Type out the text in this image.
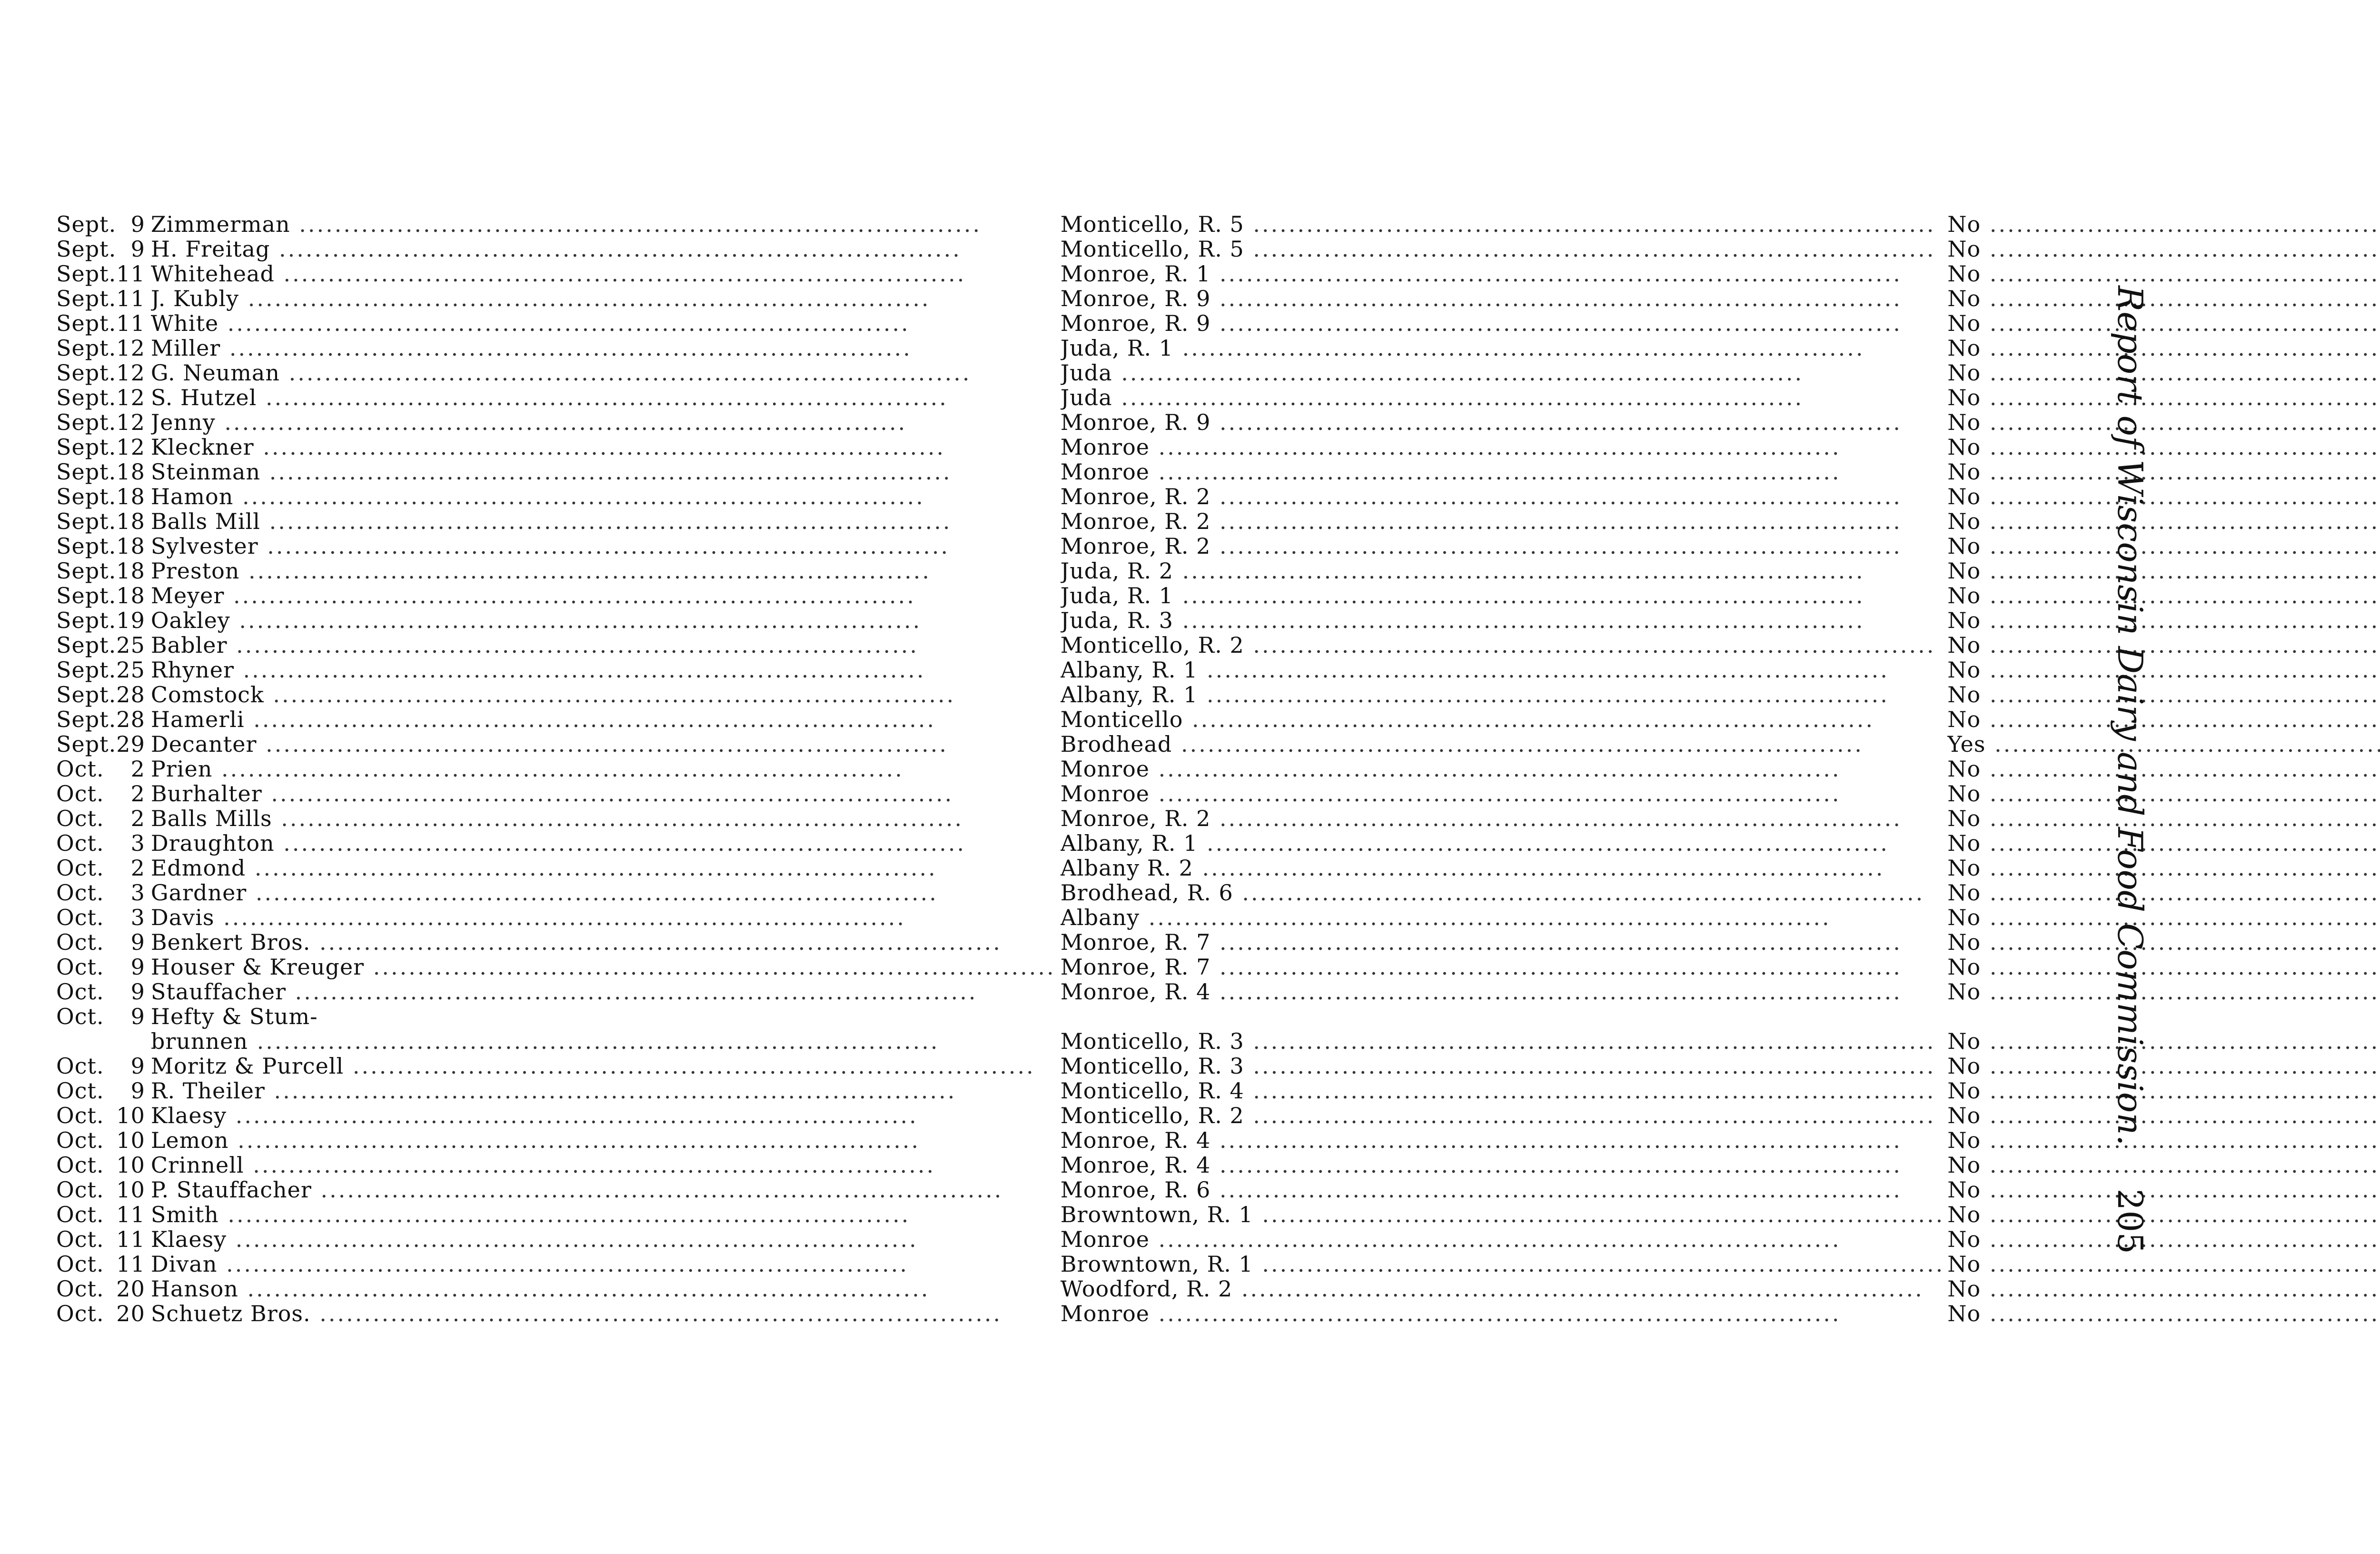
Sept.	9	Zimmerman .....	Monticello, R. 5 .....	No .....

Sept.	9	H. Freitag .....	Monticello, R. 5 .....	No .....

Sept.	11	Whitehead .....	Monroe, R. 1 .....	No .....

Sept.	11	J. Kubly .....	Monroe, R. 9 .....	No .....

Sept.	11	White .....	Monroe, R. 9 .....	No .....

Sept.	12	Miller .....	Juda, R. 1 .....	No .....

Sept.	12	G. Neuman .....	Juda .....	No .....

Sept.	12	S. Hutzel .....	Juda .....	No .....

Sept.	12	Jenny .....	Monroe, R. 9 .....	No .....

Sept.	12	Kleckner .....	Monroe .....	No .....

Sept.	18	Steinman .....	Monroe .....	No .....

Sept.	18	Hamon .....	Monroe, R. 2 .....	No .....

Sept.	18	Balls Mill .....	Monroe, R. 2 .....	No .....

Sept.	18	Sylvester .....	Monroe, R. 2 .....	No .....

Sept.	18	Preston .....	Juda, R. 2 .....	No .....

Sept.	18	Meyer .....	Juda, R. 1 .....	No .....

Sept.	19	Oakley .....	Juda, R. 3 .....	No .....

Sept.	25	Babler .....	Monticello, R. 2 .....	No .....

Sept.	25	Rhyner .....	Albany, R. 1 .....	No .....

Sept.	28	Comstock .....	Albany, R. 1 .....	No .....

Sept.	28	Hamerli .....	Monticello .....	No .....

Sept.	29	Decanter .....	Brodhead .....	Yes .....

Oct.	2	Prien .....	Monroe .....	No .....

Oct.	2	Burhalter .....	Monroe .....	No .....

Oct.	2	Balls Mills .....	Monroe, R. 2 .....	No .....

Oct.	3	Draughton .....	Albany, R. 1 .....	No .....

Oct.	2	Edmond .....	Albany R. 2 .....	No .....

Oct.	3	Gardner .....	Brodhead, R. 6 .....	No .....

Oct.	3	Davis .....	Albany .....	No .....

Oct.	9	Benkert Bros. .....	Monroe, R. 7 .....	No .....

Oct.	9	Houser & Kreuger .....	Monroe, R. 7 .....	No .....

Oct.	9	Stauffacher .....	Monroe, R. 4 .....	No .....

Oct.	9	Hefty & Stum-								

		brunnen .....	Monticello, R. 3 .....	No .....

Oct.	9	Moritz & Purcell .....	Monticello, R. 3 .....	No .....

Oct.	9	R. Theiler .....	Monticello, R. 4 .....	No .....

Oct.	10	Klaesy .....	Monticello, R. 2 .....	No .....

Oct.	10	Lemon .....	Monroe, R. 4 .....	No .....

Oct.	10	Crinnell .....	Monroe, R. 4 .....	No .....

Oct.	10	P. Stauffacher .....	Monroe, R. 6 .....	No .....

Oct.	11	Smith .....	Browntown, R. 1 .....	No .....

Oct.	11	Klaesy .....	Monroe .....	No .....

Oct.	11	Divan .....	Browntown, R. 1 .....	No .....

Oct.	20	Hanson .....	Woodford, R. 2 .....	No .....

Oct.	20	Schuetz Bros. .....	Monroe .....	No .....

Report of Wisconsin Dairy and Food Commission.205
